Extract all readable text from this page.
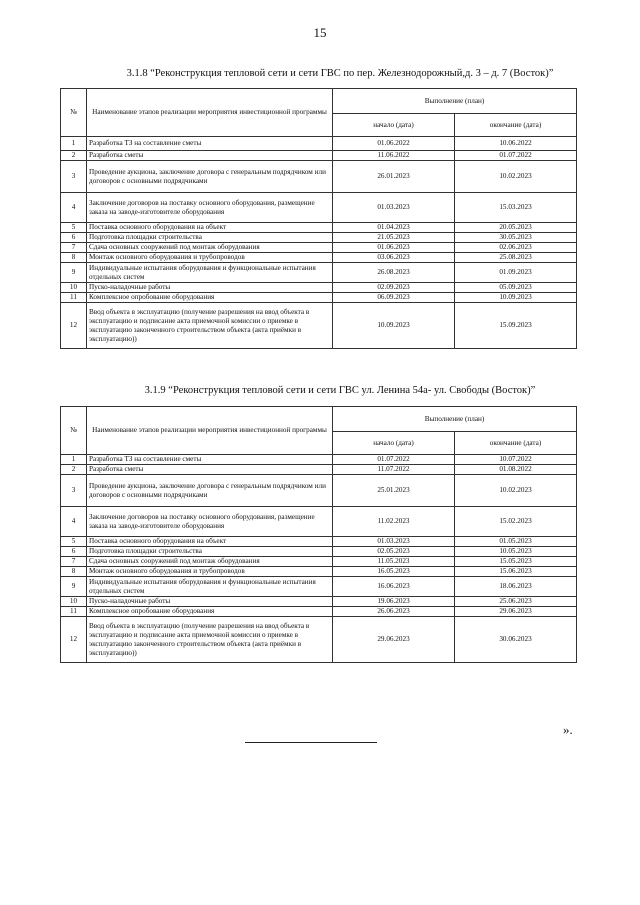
15
3.1.8 “Реконструкция тепловой сети и сети ГВС по пер. Железнодорожный,д. 3 – д. 7 (Восток)”
№	Наименование этапов реализации мероприятия инвестиционной программы	Выполнение (план)	
		начало (дата)	окончание (дата)
1	Разработка ТЗ на составление сметы	01.06.2022	10.06.2022
2	Разработка сметы	11.06.2022	01.07.2022
3	Проведение аукциона, заключение договора с генеральным подрядчиком или договоров с основными подрядчиками	26.01.2023	10.02.2023
4	Заключение договоров на поставку основного оборудования, размещение заказа на заводе-изготовителе оборудования	01.03.2023	15.03.2023
5	Поставка основного оборудования на объект	01.04.2023	20.05.2023
6	Подготовка площадки строительства	21.05.2023	30.05.2023
7	Сдача основных сооружений под монтаж оборудования	01.06.2023	02.06.2023
8	Монтаж основного оборудования и трубопроводов	03.06.2023	25.08.2023
9	Индивидуальные испытания оборудования и функциональные испытания отдельных систем	26.08.2023	01.09.2023
10	Пуско-наладочные работы	02.09.2023	05.09.2023
11	Комплексное опробование оборудования	06.09.2023	10.09.2023
12	Ввод объекта в эксплуатацию (получение разрешения на ввод объекта в эксплуатацию и подписание акта приемочной комиссии о приемке в эксплуатацию законченного строительством объекта (акта приёмки в эксплуатацию))	10.09.2023	15.09.2023
3.1.9 “Реконструкция тепловой сети и сети ГВС ул. Ленина 54а- ул. Свободы (Восток)”
№	Наименование этапов реализации мероприятия инвестиционной программы	Выполнение (план)	
		начало (дата)	окончание (дата)
1	Разработка ТЗ на составление сметы	01.07.2022	10.07.2022
2	Разработка сметы	11.07.2022	01.08.2022
3	Проведение аукциона, заключение договора с генеральным подрядчиком или договоров с основными подрядчиками	25.01.2023	10.02.2023
4	Заключение договоров на поставку основного оборудования, размещение заказа на заводе-изготовителе оборудования	11.02.2023	15.02.2023
5	Поставка основного оборудования на объект	01.03.2023	01.05.2023
6	Подготовка площадки строительства	02.05.2023	10.05.2023
7	Сдача основных сооружений под монтаж оборудования	11.05.2023	15.05.2023
8	Монтаж основного оборудования и трубопроводов	16.05.2023	15.06.2023
9	Индивидуальные испытания оборудования и функциональные испытания отдельных систем	16.06.2023	18.06.2023
10	Пуско-наладочные работы	19.06.2023	25.06.2023
11	Комплексное опробование оборудования	26.06.2023	29.06.2023
12	Ввод объекта в эксплуатацию (получение разрешения на ввод объекта в эксплуатацию и подписание акта приемочной комиссии о приемке в эксплуатацию законченного строительством объекта (акта приёмки в эксплуатацию))	29.06.2023	30.06.2023
».
